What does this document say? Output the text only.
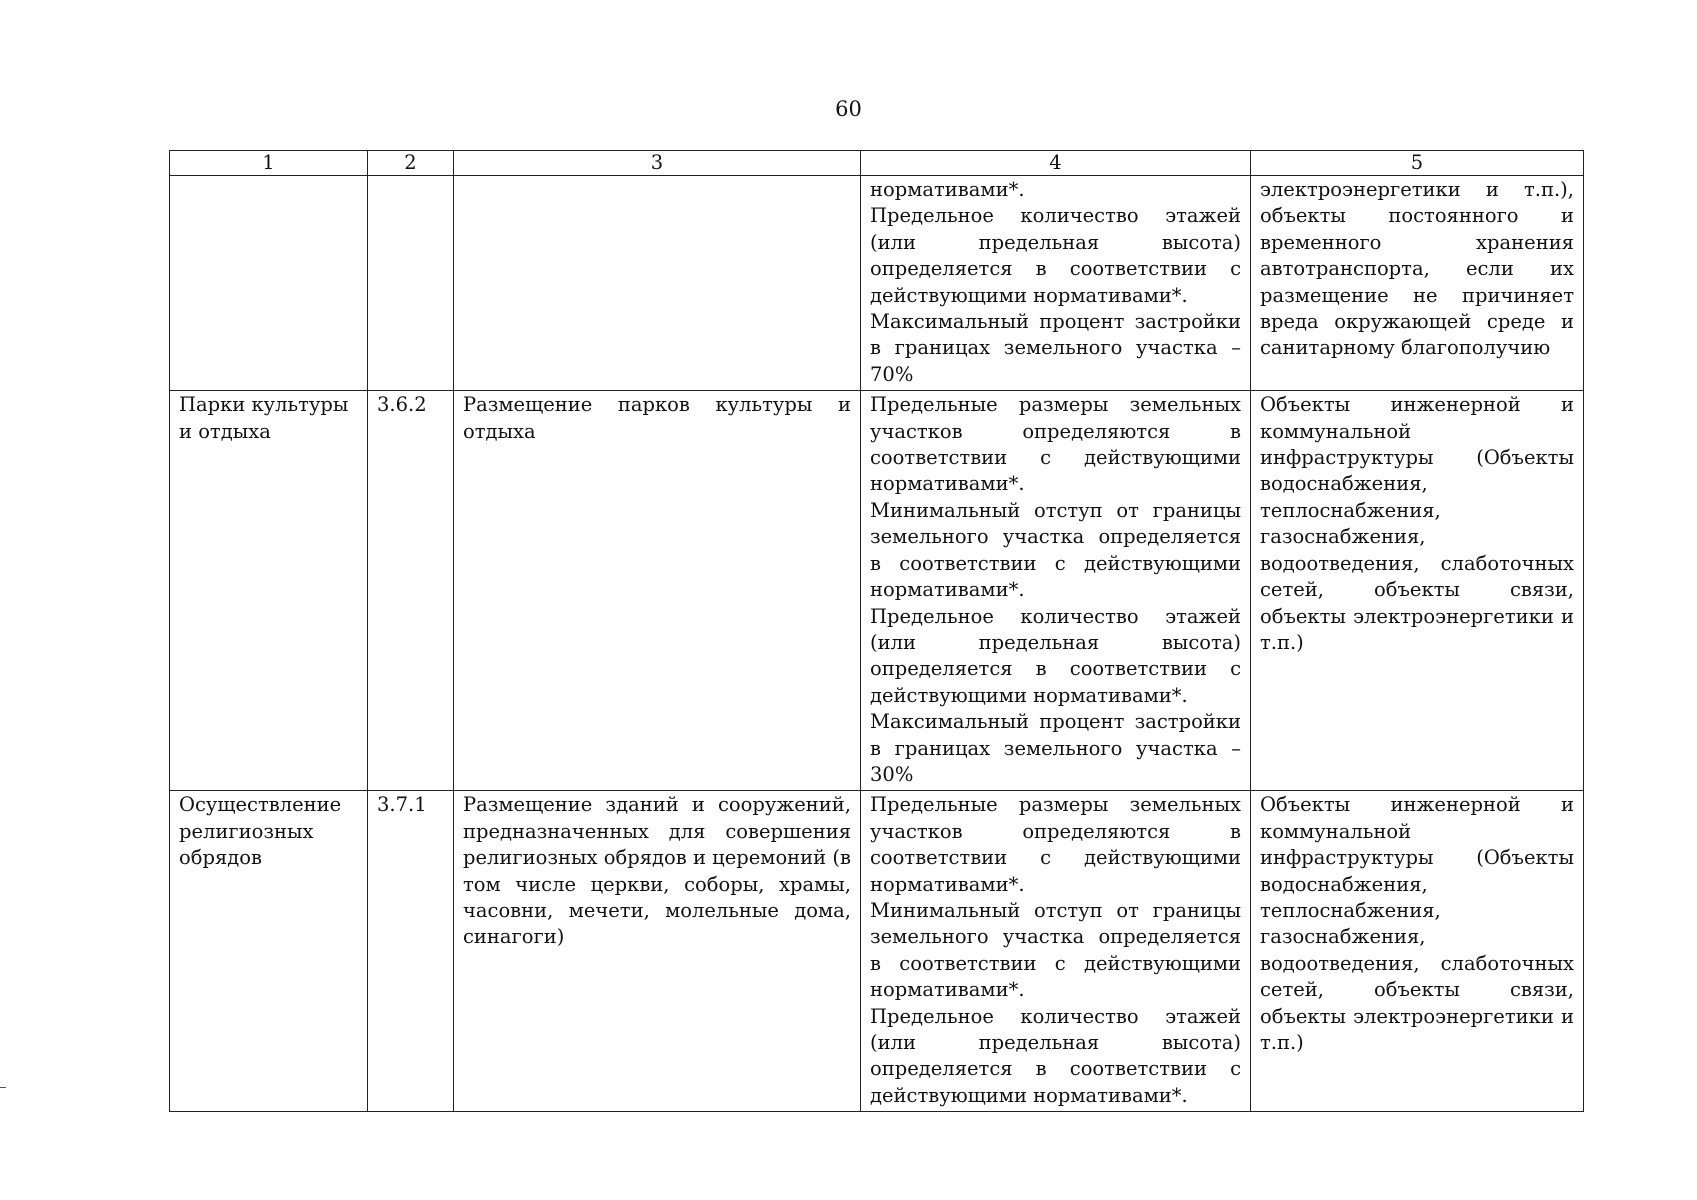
60
1	2	3	4	5

			нормативами*.
Предельное количество этажей (или предельная высота) определяется в соответствии с действующими нормативами*.
Максимальный процент застройки в границах земельного участка – 70%	электроэнергетики и т.п.), объекты постоянного и временного хранения автотранспорта, если их размещение не причиняет вреда окружающей среде и санитарному благополучию
Парки культуры и отдыха	3.6.2	Размещение парков культуры и отдыха	Предельные размеры земельных участков определяются в соответствии с действующими нормативами*.
Минимальный отступ от границы земельного участка определяется в соответствии с действующими нормативами*.
Предельное количество этажей (или предельная высота) определяется в соответствии с действующими нормативами*.
Максимальный процент застройки в границах земельного участка – 30%	Объекты инженерной и коммунальной инфраструктуры (Объекты водоснабжения, теплоснабжения, газоснабжения, водоотведения, слаботочных сетей, объекты связи, объекты электроэнергетики и т.п.)
Осуществление религиозных обрядов	3.7.1	Размещение зданий и сооружений, предназначенных для совершения религиозных обрядов и церемоний (в том числе церкви, соборы, храмы, часовни, мечети, молельные дома, синагоги)	Предельные размеры земельных участков определяются в соответствии с действующими нормативами*.
Минимальный отступ от границы земельного участка определяется в соответствии с действующими нормативами*.
Предельное количество этажей (или предельная высота) определяется в соответствии с действующими нормативами*.	Объекты инженерной и коммунальной инфраструктуры (Объекты водоснабжения, теплоснабжения, газоснабжения, водоотведения, слаботочных сетей, объекты связи, объекты электроэнергетики и т.п.)
